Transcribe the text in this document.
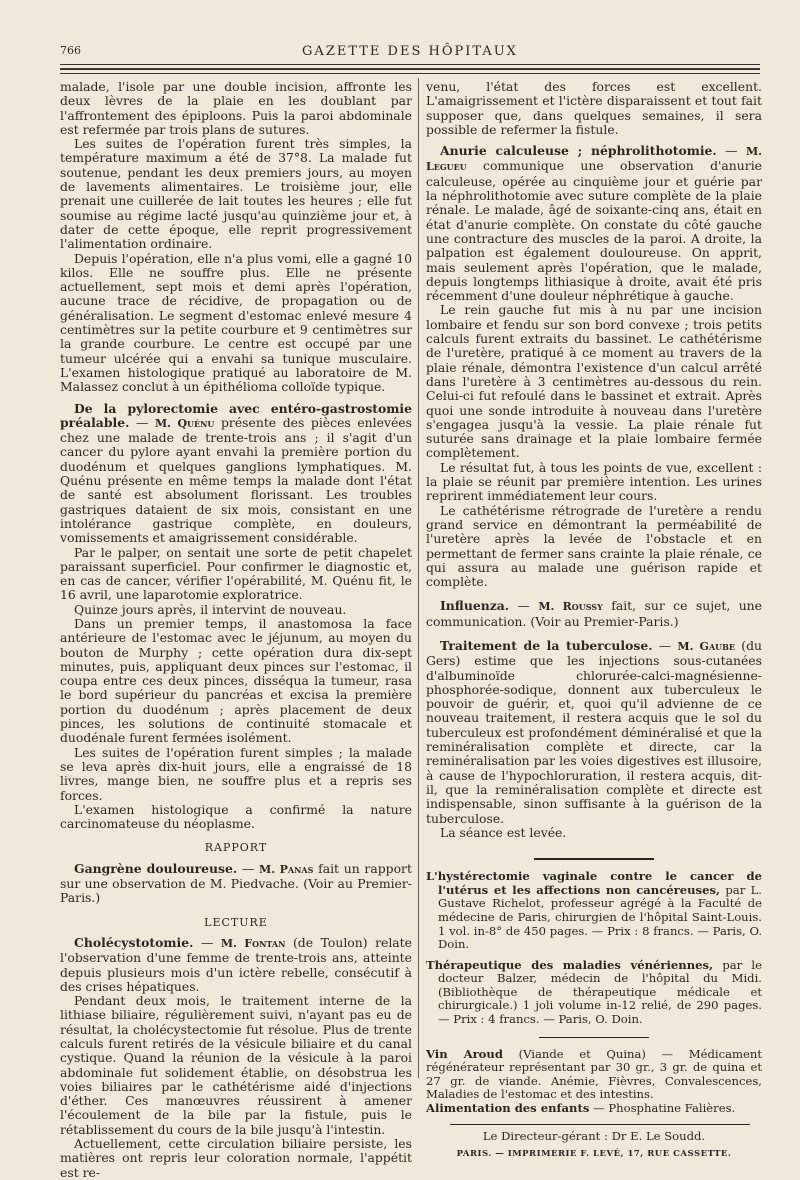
766	GAZETTE DES HÔPITAUX

malade, l'isole par une double incision, affronte les deux lèvres de la plaie en les doublant par l'affrontement des épiploons. Puis la paroi abdominale est refermée par trois plans de sutures.

Les suites de l'opération furent très simples, la température maximum a été de 37°8. La malade fut soutenue, pendant les deux premiers jours, au moyen de lavements alimentaires. Le troisième jour, elle prenait une cuillerée de lait toutes les heures ; elle fut soumise au régime lacté jusqu'au quinzième jour et, à dater de cette époque, elle reprit progressivement l'alimentation ordinaire.

Depuis l'opération, elle n'a plus vomi, elle a gagné 10 kilos. Elle ne souffre plus. Elle ne présente actuellement, sept mois et demi après l'opération, aucune trace de récidive, de propagation ou de généralisation. Le segment d'estomac enlevé mesure 4 centimètres sur la petite courbure et 9 centimètres sur la grande courbure. Le centre est occupé par une tumeur ulcérée qui a envahi sa tunique musculaire. L'examen histologique pratiqué au laboratoire de M. Malassez conclut à un épithélioma colloïde typique.

De la pylorectomie avec entéro-gastrostomie préalable. — M. Quénu présente des pièces enlevées chez une malade de trente-trois ans ; il s'agit d'un cancer du pylore ayant envahi la première portion du duodénum et quelques ganglions lymphatiques. M. Quénu présente en même temps la malade dont l'état de santé est absolument florissant. Les troubles gastriques dataient de six mois, consistant en une intolérance gastrique complète, en douleurs, vomissements et amaigrissement considérable.

Par le palper, on sentait une sorte de petit chapelet paraissant superficiel. Pour confirmer le diagnostic et, en cas de cancer, vérifier l'opérabilité, M. Quénu fit, le 16 avril, une laparotomie exploratrice.

Quinze jours après, il intervint de nouveau.

Dans un premier temps, il anastomosa la face antérieure de l'estomac avec le jéjunum, au moyen du bouton de Murphy ; cette opération dura dix-sept minutes, puis, appliquant deux pinces sur l'estomac, il coupa entre ces deux pinces, disséqua la tumeur, rasa le bord supérieur du pancréas et excisa la première portion du duodénum ; après placement de deux pinces, les solutions de continuité stomacale et duodénale furent fermées isolément.

Les suites de l'opération furent simples ; la malade se leva après dix-huit jours, elle a engraissé de 18 livres, mange bien, ne souffre plus et a repris ses forces.

L'examen histologique a confirmé la nature carcinomateuse du néoplasme.

RAPPORT

Gangrène douloureuse. — M. Panas fait un rapport sur une observation de M. Piedvache. (Voir au Premier-Paris.)

LECTURE

Cholécystotomie. — M. Fontan (de Toulon) relate l'observation d'une femme de trente-trois ans, atteinte depuis plusieurs mois d'un ictère rebelle, consécutif à des crises hépatiques.

Pendant deux mois, le traitement interne de la lithiase biliaire, régulièrement suivi, n'ayant pas eu de résultat, la cholécystectomie fut résolue. Plus de trente calculs furent retirés de la vésicule biliaire et du canal cystique. Quand la réunion de la vésicule à la paroi abdominale fut solidement établie, on désobstrua les voies biliaires par le cathétérisme aidé d'injections d'éther. Ces manœuvres réussirent à amener l'écoulement de la bile par la fistule, puis le rétablissement du cours de la bile jusqu'à l'intestin.

Actuellement, cette circulation biliaire persiste, les matières ont repris leur coloration normale, l'appétit est re-

venu, l'état des forces est excellent. L'amaigrissement et l'ictère disparaissent et tout fait supposer que, dans quelques semaines, il sera possible de refermer la fistule.

Anurie calculeuse ; néphrolithotomie. — M. Legueu communique une observation d'anurie calculeuse, opérée au cinquième jour et guérie par la néphrolithotomie avec suture complète de la plaie rénale. Le malade, âgé de soixante-cinq ans, était en état d'anurie complète. On constate du côté gauche une contracture des muscles de la paroi. A droite, la palpation est également douloureuse. On apprit, mais seulement après l'opération, que le malade, depuis longtemps lithiasique à droite, avait été pris récemment d'une douleur néphrétique à gauche.

Le rein gauche fut mis à nu par une incision lombaire et fendu sur son bord convexe ; trois petits calculs furent extraits du bassinet. Le cathétérisme de l'uretère, pratiqué à ce moment au travers de la plaie rénale, démontra l'existence d'un calcul arrêté dans l'uretère à 3 centimètres au-dessous du rein. Celui-ci fut refoulé dans le bassinet et extrait. Après quoi une sonde introduite à nouveau dans l'uretère s'engagea jusqu'à la vessie. La plaie rénale fut suturée sans drainage et la plaie lombaire fermée complètement.

Le résultat fut, à tous les points de vue, excellent : la plaie se réunit par première intention. Les urines reprirent immédiatement leur cours.

Le cathétérisme rétrograde de l'uretère a rendu grand service en démontrant la perméabilité de l'uretère après la levée de l'obstacle et en permettant de fermer sans crainte la plaie rénale, ce qui assura au malade une guérison rapide et complète.

Influenza. — M. Roussy fait, sur ce sujet, une communication. (Voir au Premier-Paris.)

Traitement de la tuberculose. — M. Gaube (du Gers) estime que les injections sous-cutanées d'albuminoïde chlorurée-calci-magnésienne-phosphorée-sodique, donnent aux tuberculeux le pouvoir de guérir, et, quoi qu'il advienne de ce nouveau traitement, il restera acquis que le sol du tuberculeux est profondément déminéralisé et que la reminéralisation complète et directe, car la reminéralisation par les voies digestives est illusoire, à cause de l'hypochloruration, il restera acquis, dit-il, que la reminéralisation complète et directe est indispensable, sinon suffisante à la guérison de la tuberculose.

La séance est levée.

L'hystérectomie vaginale contre le cancer de l'utérus et les affections non cancéreuses, par L. Gustave Richelot, professeur agrégé à la Faculté de médecine de Paris, chirurgien de l'hôpital Saint-Louis. 1 vol. in-8° de 450 pages. — Prix : 8 francs. — Paris, O. Doin.

Thérapeutique des maladies vénériennes, par le docteur Balzer, médecin de l'hôpital du Midi. (Bibliothèque de thérapeutique médicale et chirurgicale.) 1 joli volume in-12 relié, de 290 pages. — Prix : 4 francs. — Paris, O. Doin.

Vin Aroud (Viande et Quina) — Médicament régénérateur représentant par 30 gr., 3 gr. de quina et 27 gr. de viande. Anémie, Fièvres, Convalescences, Maladies de l'estomac et des intestins.

Alimentation des enfants — Phosphatine Falières.

Le Directeur-gérant : Dr E. Le Soudd.

PARIS. — IMPRIMERIE F. LEVÉ, 17, RUE CASSETTE.
